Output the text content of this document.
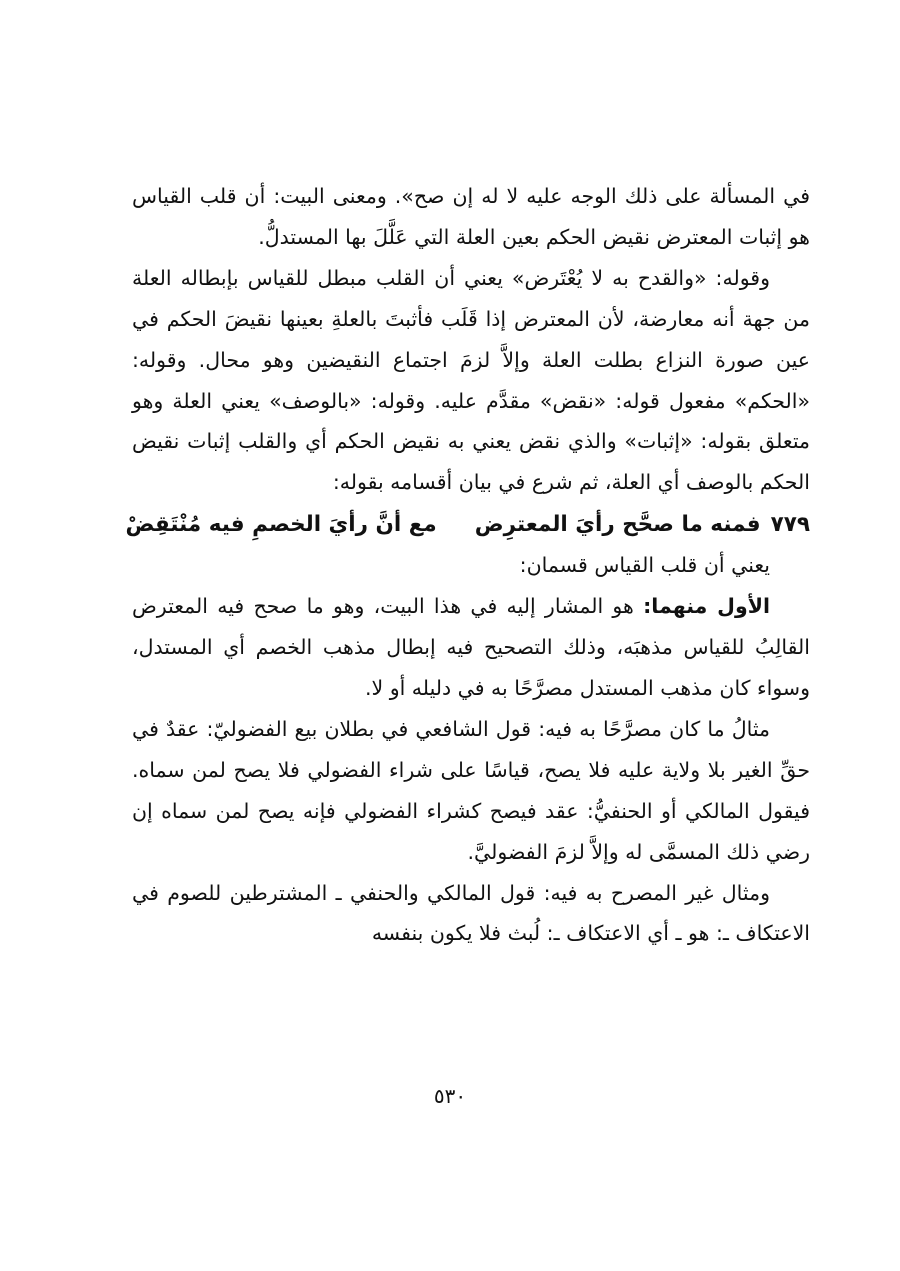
في المسألة على ذلك الوجه عليه لا له إن صح». ومعنى البيت: أن قلب القياس هو إثبات المعترض نقيض الحكم بعين العلة التي عَلَّلَ بها المستدلُّ.

وقوله: «والقدح به لا يُعْتَرض» يعني أن القلب مبطل للقياس بإبطاله العلة من جهة أنه معارضة، لأن المعترض إذا قَلَب فأثبتَ بالعلةِ بعينها نقيضَ الحكم في عين صورة النزاع بطلت العلة وإلاَّ لزمَ اجتماع النقيضين وهو محال. وقوله: «الحكم» مفعول قوله: «نقض» مقدَّم عليه. وقوله: «بالوصف» يعني العلة وهو متعلق بقوله: «إثبات» والذي نقض يعني به نقيض الحكم أي والقلب إثبات نقيض الحكم بالوصف أي العلة، ثم شرع في بيان أقسامه بقوله:

٧٧٩فمنه ما صحَّح رأيَ المعترِضمع أنَّ رأيَ الخصمِ فيه مُنْتَقِضْ

يعني أن قلب القياس قسمان:

الأول منهما: هو المشار إليه في هذا البيت، وهو ما صحح فيه المعترض القالِبُ للقياس مذهبَه، وذلك التصحيح فيه إبطال مذهب الخصم أي المستدل، وسواء كان مذهب المستدل مصرَّحًا به في دليله أو لا.

مثالُ ما كان مصرَّحًا به فيه: قول الشافعي في بطلان بيع الفضوليّ: عقدٌ في حقِّ الغير بلا ولاية عليه فلا يصح، قياسًا على شراء الفضولي فلا يصح لمن سماه. فيقول المالكي أو الحنفيُّ: عقد فيصح كشراء الفضولي فإنه يصح لمن سماه إن رضي ذلك المسمَّى له وإلاَّ لزمَ الفضوليَّ.

ومثال غير المصرح به فيه: قول المالكي والحنفي ـ المشترطين للصوم في الاعتكاف ـ: هو ـ أي الاعتكاف ـ: لُبث فلا يكون بنفسه

٥٣٠
